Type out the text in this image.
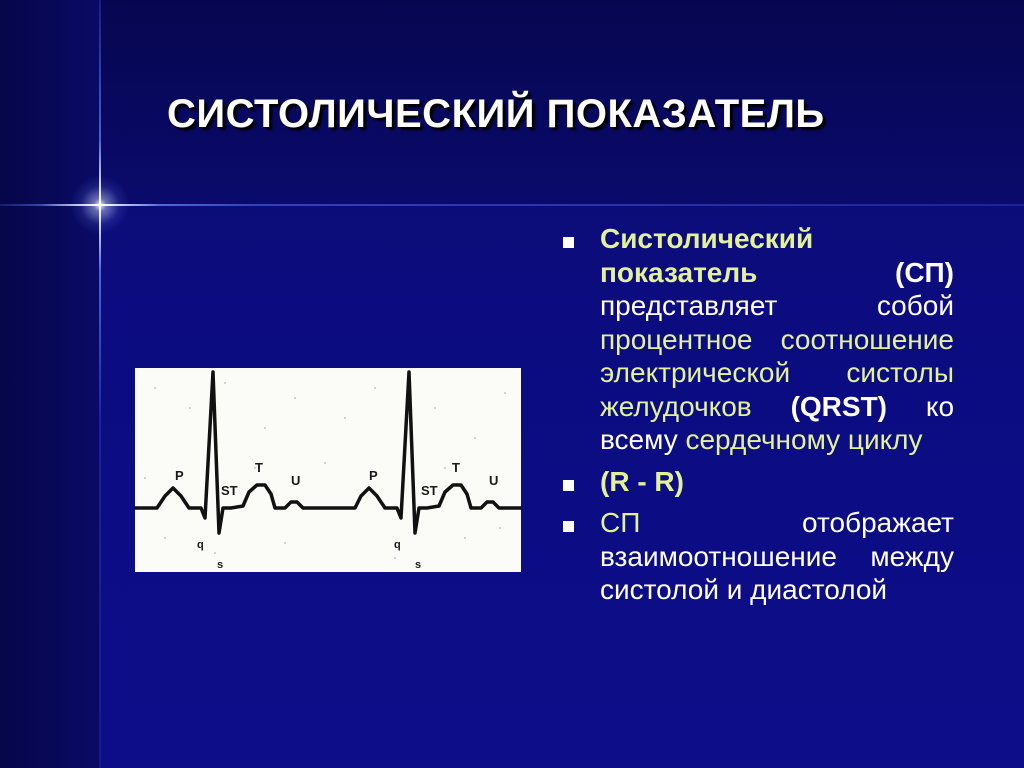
СИСТОЛИЧЕСКИЙ ПОКАЗАТЕЛЬ
P
ST
T
U
q
s
P
ST
T
U
q
s
Систолический показатель	(СП) представляет	собой процентное соотношение электрической систолы желудочков (QRST) ко всему сердечному циклу
(R - R)
СП	отображает взаимоотношение между систолой и диастолой
